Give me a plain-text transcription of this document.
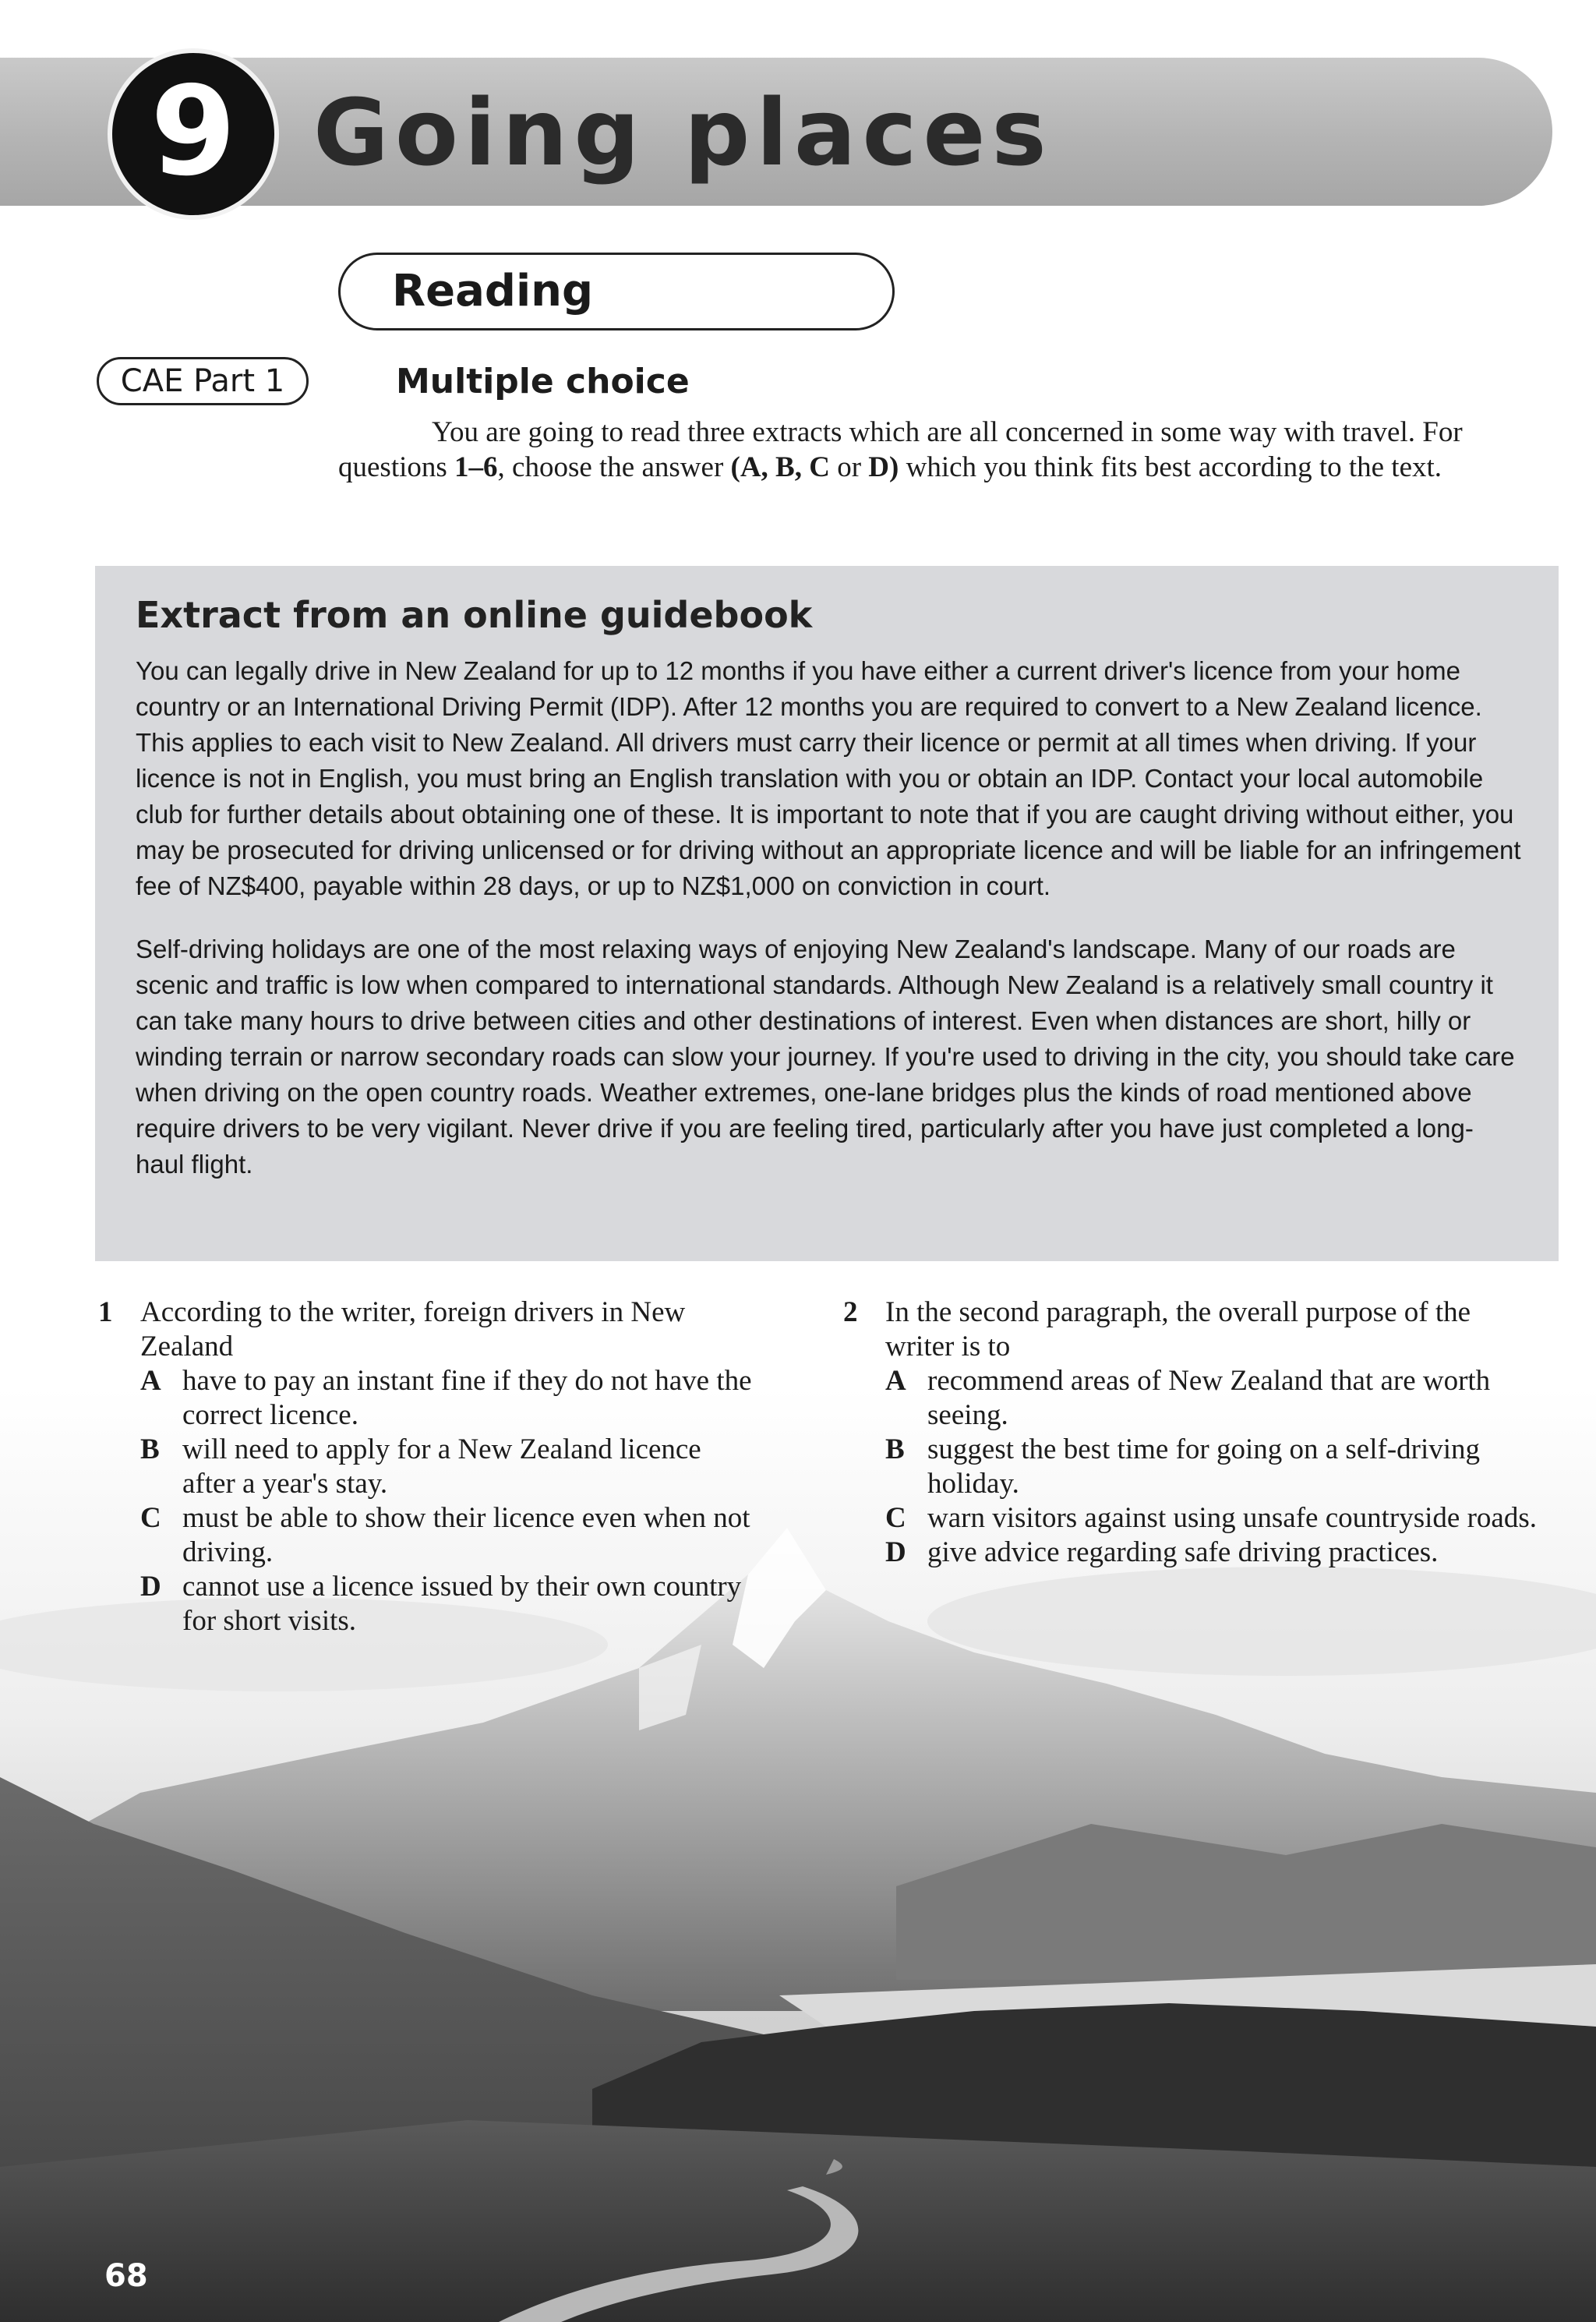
9 Going places
Reading
CAE Part 1	Multiple choice

You are going to read three extracts which are all concerned in some way with travel. For questions 1–6, choose the answer (A, B, C or D) which you think fits best according to the text.

Extract from an online guidebook

You can legally drive in New Zealand for up to 12 months if you have either a current driver's licence from your home country or an International Driving Permit (IDP). After 12 months you are required to convert to a New Zealand licence. This applies to each visit to New Zealand. All drivers must carry their licence or permit at all times when driving. If your licence is not in English, you must bring an English translation with you or obtain an IDP. Contact your local automobile club for further details about obtaining one of these. It is important to note that if you are caught driving without either, you may be prosecuted for driving unlicensed or for driving without an appropriate licence and will be liable for an infringement fee of NZ$400, payable within 28 days, or up to NZ$1,000 on conviction in court.

Self-driving holidays are one of the most relaxing ways of enjoying New Zealand's landscape. Many of our roads are scenic and traffic is low when compared to international standards. Although New Zealand is a relatively small country it can take many hours to drive between cities and other destinations of interest. Even when distances are short, hilly or winding terrain or narrow secondary roads can slow your journey. If you're used to driving in the city, you should take care when driving on the open country roads. Weather extremes, one-lane bridges plus the kinds of road mentioned above require drivers to be very vigilant. Never drive if you are feeling tired, particularly after you have just completed a long-haul flight.

1 According to the writer, foreign drivers in New Zealand

A have to pay an instant fine if they do not have the correct licence.

B will need to apply for a New Zealand licence after a year's stay.

C must be able to show their licence even when not driving.

D cannot use a licence issued by their own country for short visits.

2 In the second paragraph, the overall purpose of the writer is to

A recommend areas of New Zealand that are worth seeing.

B suggest the best time for going on a self-driving holiday.

C warn visitors against using unsafe countryside roads.

D give advice regarding safe driving practices.

68
